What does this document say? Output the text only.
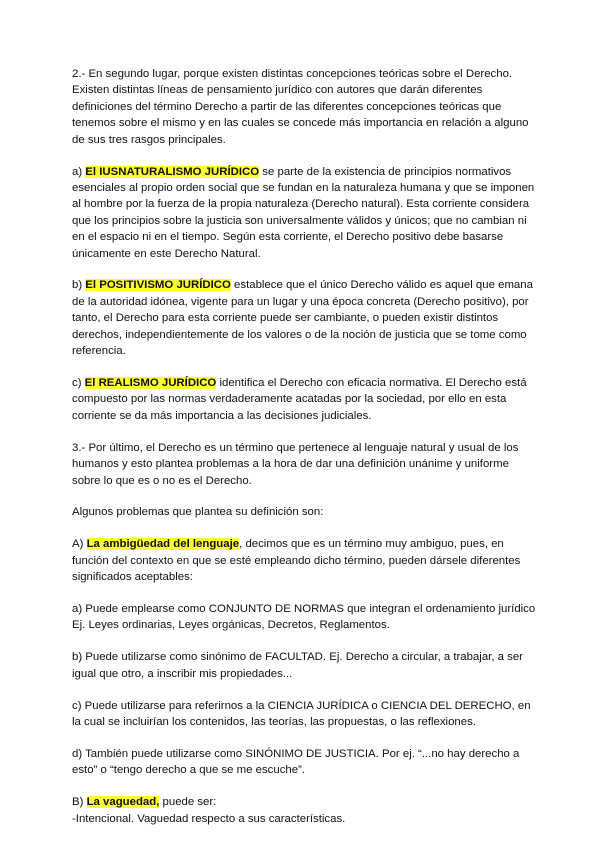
2.- En segundo lugar, porque existen distintas concepciones teóricas sobre el Derecho. Existen distintas líneas de pensamiento jurídico con autores que darán diferentes definiciones del término Derecho a partir de las diferentes concepciones teóricas que tenemos sobre el mismo y en las cuales se concede más importancia en relación a alguno de sus tres rasgos principales.

a) El IUSNATURALISMO JURÍDICO se parte de la existencia de principios normativos esenciales al propio orden social que se fundan en la naturaleza humana y que se imponen al hombre por la fuerza de la propia naturaleza (Derecho natural). Esta corriente considera que los principios sobre la justicia son universalmente válidos y únicos; que no cambian ni en el espacio ni en el tiempo. Según esta corriente, el Derecho positivo debe basarse únicamente en este Derecho Natural.

b) El POSITIVISMO JURÍDICO establece que el único Derecho válido es aquel que emana de la autoridad idónea, vigente para un lugar y una época concreta (Derecho positivo), por tanto, el Derecho para esta corriente puede ser cambiante, o pueden existir distintos derechos, independientemente de los valores o de la noción de justicia que se tome como referencia.

c) El REALISMO JURÍDICO identifica el Derecho con eficacia normativa. El Derecho está compuesto por las normas verdaderamente acatadas por la sociedad, por ello en esta corriente se da más importancia a las decisiones judiciales.

3.- Por último, el Derecho es un término que pertenece al lenguaje natural y usual de los humanos y esto plantea problemas a la hora de dar una definición unánime y uniforme sobre lo que es o no es el Derecho.

Algunos problemas que plantea su definición son:

A) La ambigüedad del lenguaje, decimos que es un término muy ambiguo, pues, en función del contexto en que se esté empleando dicho término, pueden dársele diferentes significados aceptables:

a) Puede emplearse como CONJUNTO DE NORMAS que integran el ordenamiento jurídico Ej. Leyes ordinarias, Leyes orgánicas, Decretos, Reglamentos.

b) Puede utilizarse como sinónimo de FACULTAD. Ej. Derecho a circular, a trabajar, a ser igual que otro, a inscribir mis propiedades...

c) Puede utilizarse para referirnos a la CIENCIA JURÍDICA o CIENCIA DEL DERECHO, en la cual se incluirían los contenidos, las teorías, las propuestas, o las reflexiones.

d) También puede utilizarse como SINÓNIMO DE JUSTICIA. Por ej. “...no hay derecho a esto” o “tengo derecho a que se me escuche”.

B) La vaguedad, puede ser:

-Intencional. Vaguedad respecto a sus características.
